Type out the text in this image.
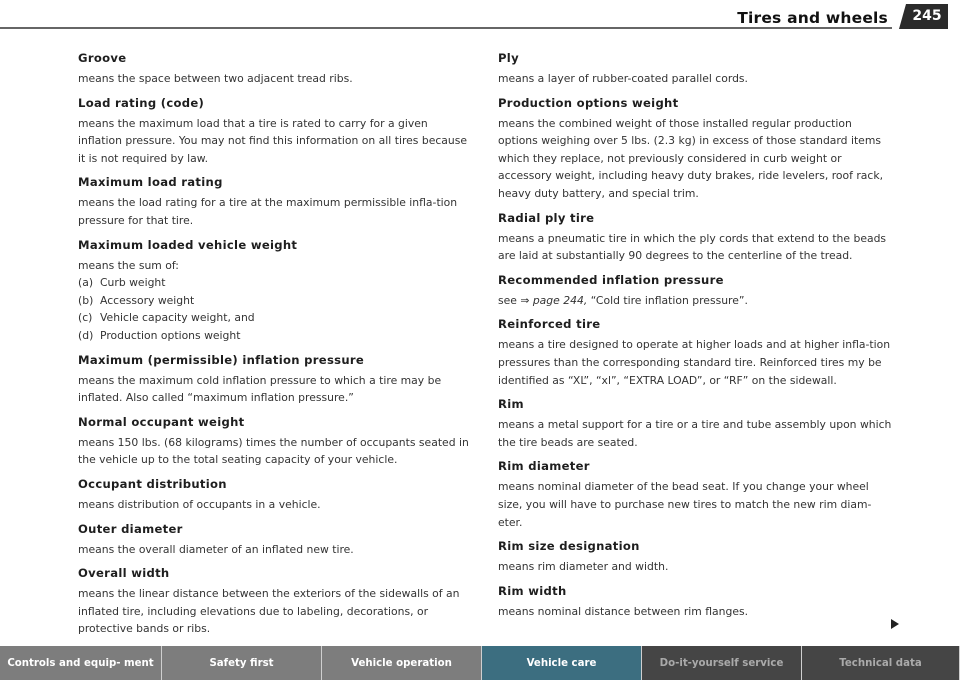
Tires and wheels	245
Groove
means the space between two adjacent tread ribs.
Load rating (code)
means the maximum load that a tire is rated to carry for a given inflation pressure. You may not find this information on all tires because it is not required by law.
Maximum load rating
means the load rating for a tire at the maximum permissible infla-tion pressure for that tire.
Maximum loaded vehicle weight
means the sum of:
(a) Curb weight
(b) Accessory weight
(c) Vehicle capacity weight, and
(d) Production options weight
Maximum (permissible) inflation pressure
means the maximum cold inflation pressure to which a tire may be inflated. Also called “maximum inflation pressure.”
Normal occupant weight
means 150 lbs. (68 kilograms) times the number of occupants seated in the vehicle up to the total seating capacity of your vehicle.
Occupant distribution
means distribution of occupants in a vehicle.
Outer diameter
means the overall diameter of an inflated new tire.
Overall width
means the linear distance between the exteriors of the sidewalls of an inflated tire, including elevations due to labeling, decorations, or protective bands or ribs.
Ply
means a layer of rubber-coated parallel cords.
Production options weight
means the combined weight of those installed regular production options weighing over 5 lbs. (2.3 kg) in excess of those standard items which they replace, not previously considered in curb weight or accessory weight, including heavy duty brakes, ride levelers, roof rack, heavy duty battery, and special trim.
Radial ply tire
means a pneumatic tire in which the ply cords that extend to the beads are laid at substantially 90 degrees to the centerline of the tread.
Recommended inflation pressure
see ⇒ page 244, “Cold tire inflation pressure”.
Reinforced tire
means a tire designed to operate at higher loads and at higher infla-tion pressures than the corresponding standard tire. Reinforced tires my be identified as “XL”, “xl”, “EXTRA LOAD”, or “RF” on the sidewall.
Rim
means a metal support for a tire or a tire and tube assembly upon which the tire beads are seated.
Rim diameter
means nominal diameter of the bead seat. If you change your wheel size, you will have to purchase new tires to match the new rim diam-eter.
Rim size designation
means rim diameter and width.
Rim width
means nominal distance between rim flanges.
Controls and equip- ment	Safety first	Vehicle operation	Vehicle care	Do-it-yourself service	Technical data
